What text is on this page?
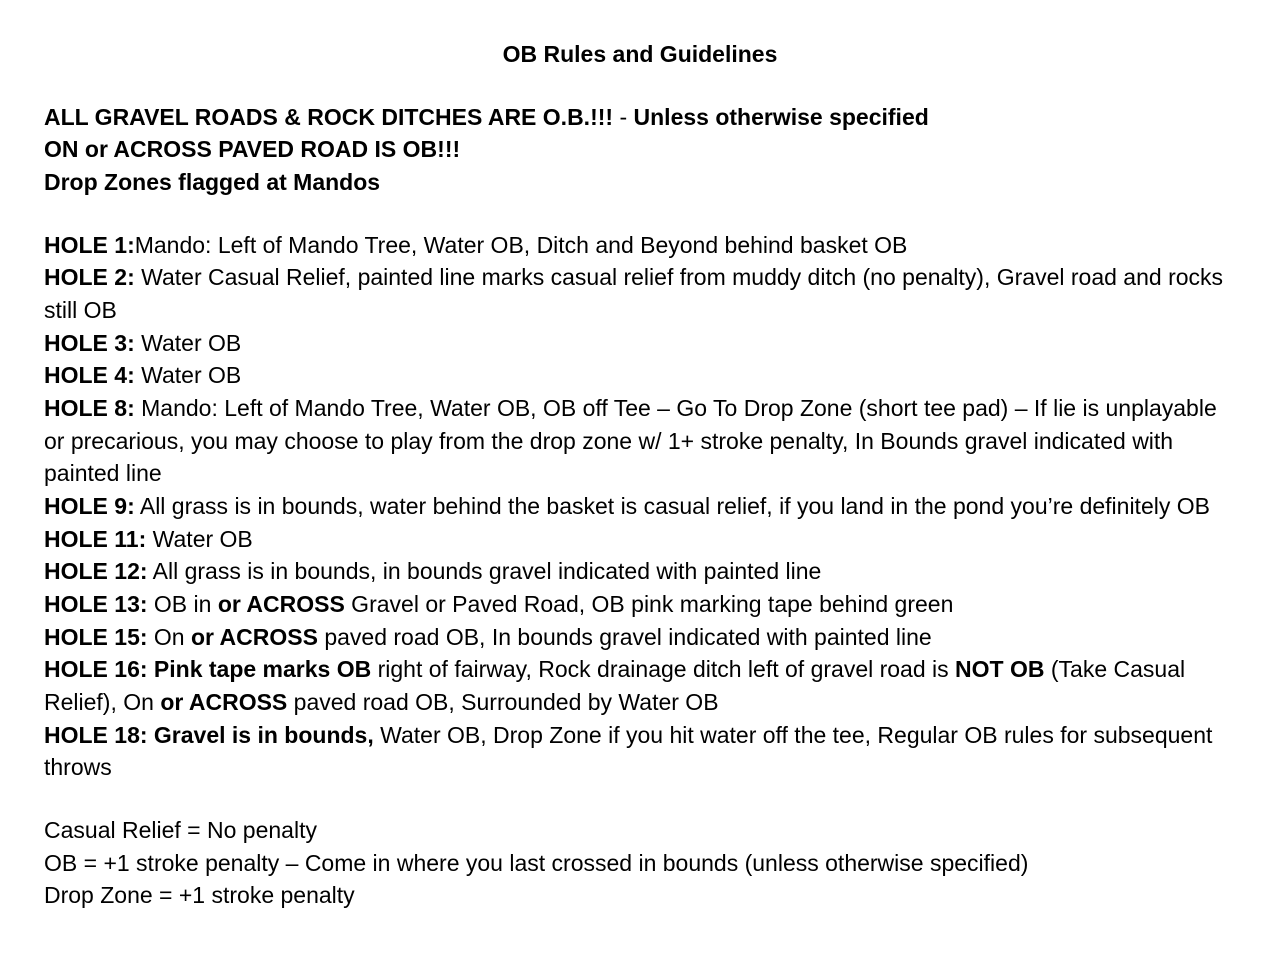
OB Rules and Guidelines
ALL GRAVEL ROADS & ROCK DITCHES ARE O.B.!!! - Unless otherwise specified
ON or ACROSS PAVED ROAD IS OB!!!
Drop Zones flagged at Mandos

HOLE 1:Mando: Left of Mando Tree, Water OB, Ditch and Beyond behind basket OB

HOLE 2: Water Casual Relief, painted line marks casual relief from muddy ditch (no penalty), Gravel road and rocks still OB

HOLE 3: Water OB

HOLE 4: Water OB

HOLE 8: Mando: Left of Mando Tree, Water OB, OB off Tee – Go To Drop Zone (short tee pad) – If lie is unplayable or precarious, you may choose to play from the drop zone w/ 1+ stroke penalty, In Bounds gravel indicated with painted line

HOLE 9: All grass is in bounds, water behind the basket is casual relief, if you land in the pond you’re definitely OB

HOLE 11: Water OB

HOLE 12: All grass is in bounds, in bounds gravel indicated with painted line

HOLE 13: OB in or ACROSS Gravel or Paved Road, OB pink marking tape behind green

HOLE 15: On or ACROSS paved road OB, In bounds gravel indicated with painted line

HOLE 16: Pink tape marks OB right of fairway, Rock drainage ditch left of gravel road is NOT OB (Take Casual Relief), On or ACROSS paved road OB, Surrounded by Water OB

HOLE 18: Gravel is in bounds, Water OB, Drop Zone if you hit water off the tee, Regular OB rules for subsequent throws

Casual Relief = No penalty

OB = +1 stroke penalty – Come in where you last crossed in bounds (unless otherwise specified)

Drop Zone = +1 stroke penalty
